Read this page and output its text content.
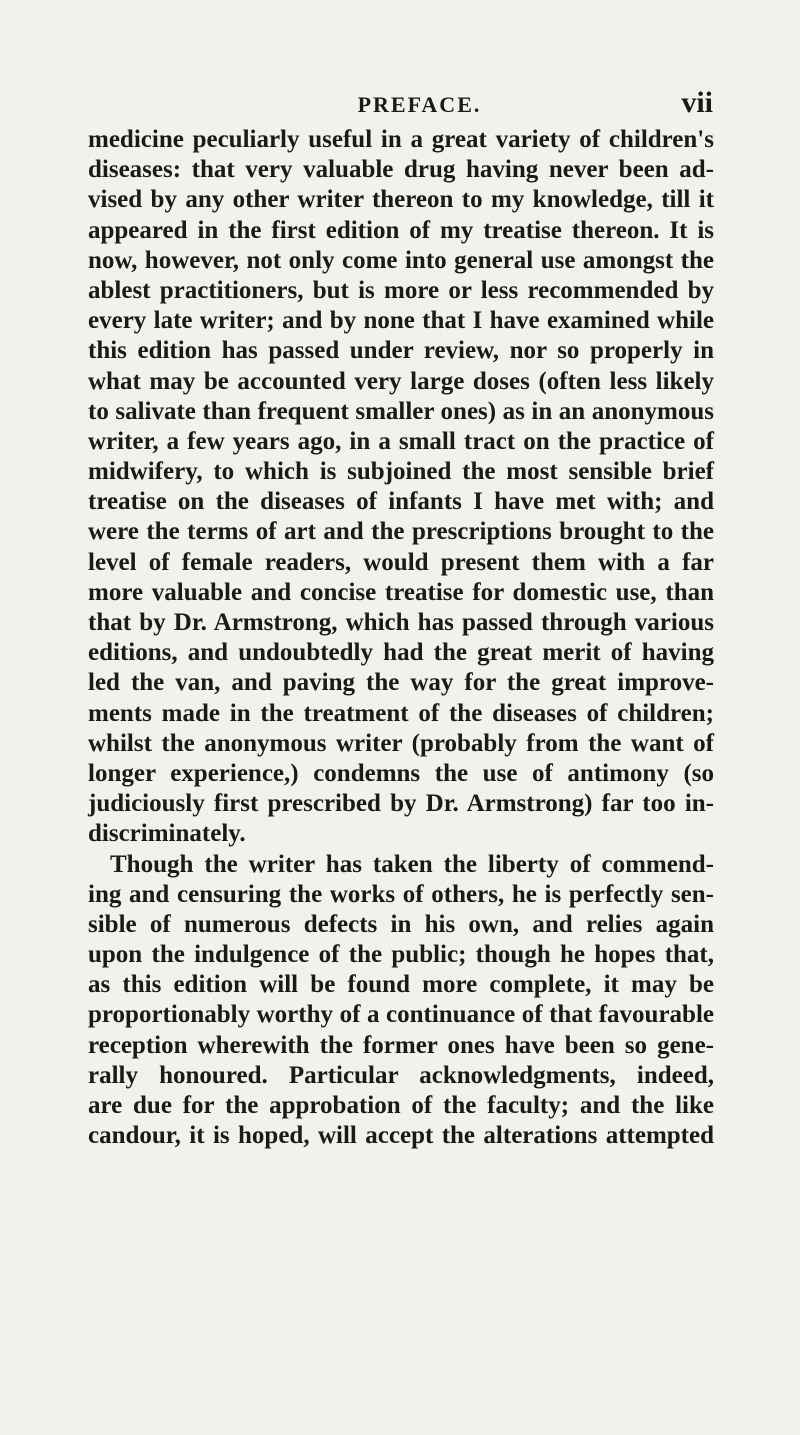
PREFACE.	vii
medicine peculiarly useful in a great variety of children's
diseases: that very valuable drug having never been ad-
vised by any other writer thereon to my knowledge, till it
appeared in the first edition of my treatise thereon. It is
now, however, not only come into general use amongst the
ablest practitioners, but is more or less recommended by
every late writer; and by none that I have examined while
this edition has passed under review, nor so properly in
what may be accounted very large doses (often less likely
to salivate than frequent smaller ones) as in an anonymous
writer, a few years ago, in a small tract on the practice of
midwifery, to which is subjoined the most sensible brief
treatise on the diseases of infants I have met with; and
were the terms of art and the prescriptions brought to the
level of female readers, would present them with a far
more valuable and concise treatise for domestic use, than
that by Dr. Armstrong, which has passed through various
editions, and undoubtedly had the great merit of having
led the van, and paving the way for the great improve-
ments made in the treatment of the diseases of children;
whilst the anonymous writer (probably from the want of
longer experience,) condemns the use of antimony (so
judiciously first prescribed by Dr. Armstrong) far too in-
discriminately.
Though the writer has taken the liberty of commend-
ing and censuring the works of others, he is perfectly sen-
sible of numerous defects in his own, and relies again
upon the indulgence of the public; though he hopes that,
as this edition will be found more complete, it may be
proportionably worthy of a continuance of that favourable
reception wherewith the former ones have been so gene-
rally honoured. Particular acknowledgments, indeed,
are due for the approbation of the faculty; and the like
candour, it is hoped, will accept the alterations attempted
